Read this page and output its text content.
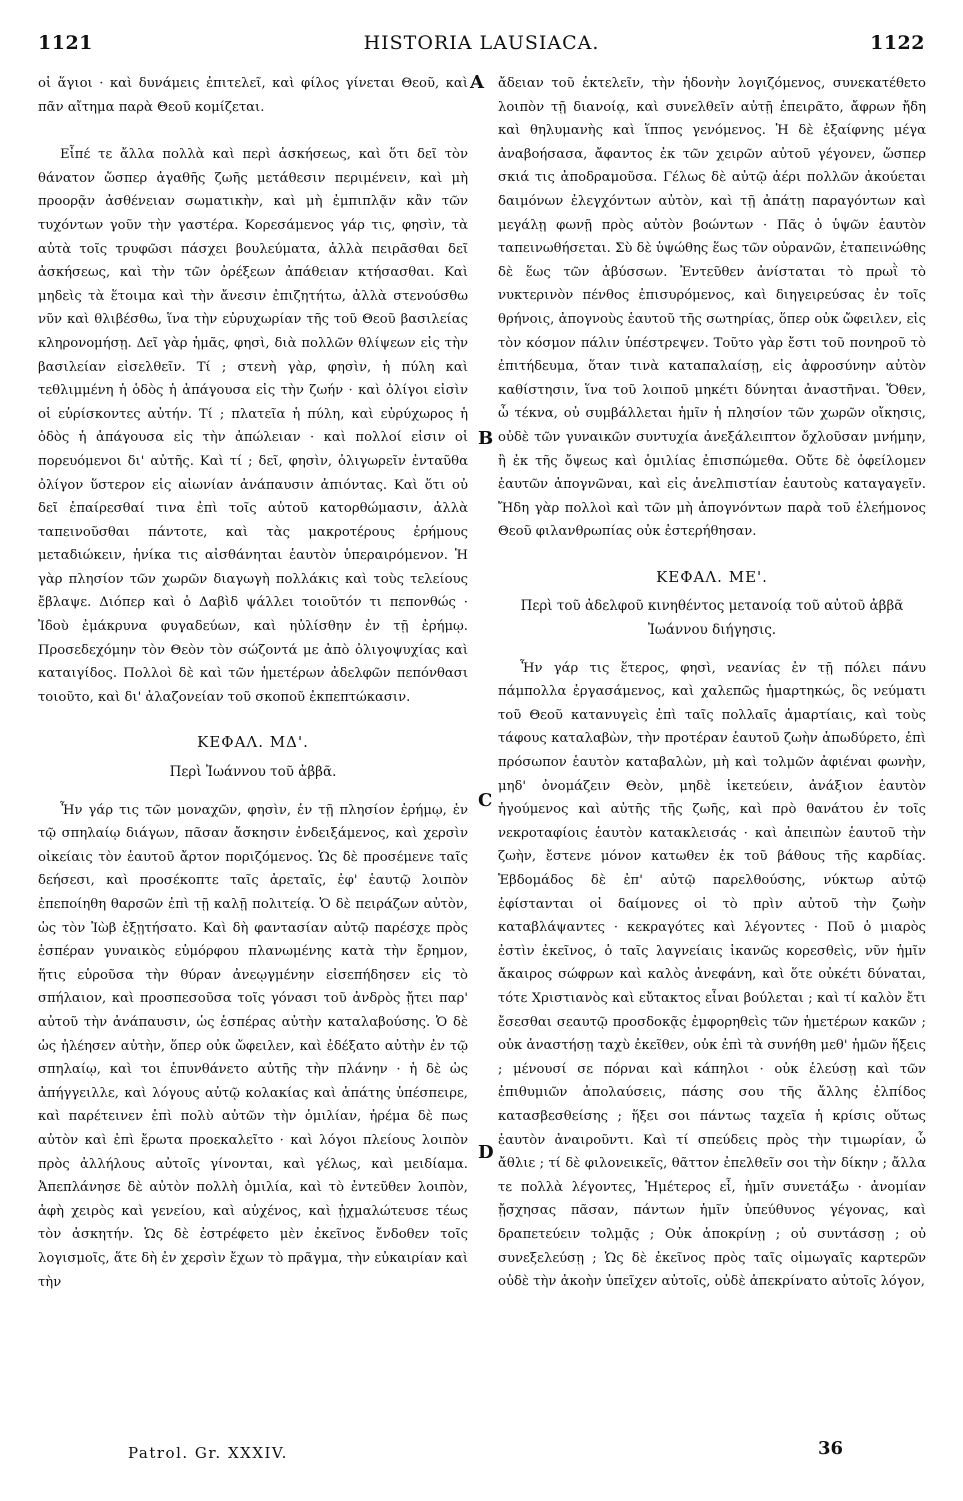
1121	HISTORIA LAUSIACA.	1122

οἱ ἅγιοι · καὶ δυνάμεις ἐπιτελεῖ, καὶ φίλος γίνεται Θεοῦ, καὶ πᾶν αἴτημα παρὰ Θεοῦ κομίζεται.

Εἶπέ τε ἄλλα πολλὰ καὶ περὶ ἀσκήσεως, καὶ ὅτι δεῖ τὸν θάνατον ὥσπερ ἀγαθῆς ζωῆς μετάθεσιν περιμένειν, καὶ μὴ προορᾷν ἀσθένειαν σωματικὴν, καὶ μὴ ἐμπιπλᾷν κἂν τῶν τυχόντων γοῦν τὴν γαστέρα. Κορεσάμενος γάρ τις, φησὶν, τὰ αὐτὰ τοῖς τρυφῶσι πάσχει βουλεύματα, ἀλλὰ πειρᾶσθαι δεῖ ἀσκήσεως, καὶ τὴν τῶν ὀρέξεων ἀπάθειαν κτήσασθαι. Καὶ μηδεὶς τὰ ἕτοιμα καὶ τὴν ἄνεσιν ἐπιζητήτω, ἀλλὰ στενούσθω νῦν καὶ θλιβέσθω, ἵνα τὴν εὐρυχωρίαν τῆς τοῦ Θεοῦ βασιλείας κληρονομήσῃ. Δεῖ γὰρ ἡμᾶς, φησὶ, διὰ πολλῶν θλίψεων εἰς τὴν βασιλείαν εἰσελθεῖν. Τί ; στενὴ γὰρ, φησὶν, ἡ πύλη καὶ τεθλιμμένη ἡ ὁδὸς ἡ ἀπάγουσα εἰς τὴν ζωήν · καὶ ὀλίγοι εἰσὶν οἱ εὑρίσκοντες αὐτήν. Τί ; πλατεῖα ἡ πύλη, καὶ εὐρύχωρος ἡ ὁδὸς ἡ ἀπάγουσα εἰς τὴν ἀπώλειαν · καὶ πολλοί εἰσιν οἱ πορευόμενοι δι' αὐτῆς. Καὶ τί ; δεῖ, φησὶν, ὀλιγωρεῖν ἐνταῦθα ὀλίγον ὕστερον εἰς αἰωνίαν ἀνάπαυσιν ἀπιόντας. Καὶ ὅτι οὐ δεῖ ἐπαίρεσθαί τινα ἐπὶ τοῖς αὐτοῦ κατορθώμασιν, ἀλλὰ ταπεινοῦσθαι πάντοτε, καὶ τὰς μακροτέρους ἐρήμους μεταδιώκειν, ἡνίκα τις αἰσθάνηται ἑαυτὸν ὑπεραιρόμενον. Ἡ γὰρ πλησίον τῶν χωρῶν διαγωγὴ πολλάκις καὶ τοὺς τελείους ἔβλαψε. Διόπερ καὶ ὁ Δαβὶδ ψάλλει τοιοῦτόν τι πεπονθώς · Ἰδοὺ ἐμάκρυνα φυγαδεύων, καὶ ηὐλίσθην ἐν τῇ ἐρήμῳ. Προσεδεχόμην τὸν Θεὸν τὸν σώζοντά με ἀπὸ ὀλιγοψυχίας καὶ καταιγίδος. Πολλοὶ δὲ καὶ τῶν ἡμετέρων ἀδελφῶν πεπόνθασι τοιοῦτο, καὶ δι' ἀλαζονείαν τοῦ σκοποῦ ἐκπεπτώκασιν.

ΚΕΦΑΛ. ΜΔ'.
Περὶ Ἰωάννου τοῦ ἀββᾶ.

Ἦν γάρ τις τῶν μοναχῶν, φησὶν, ἐν τῇ πλησίον ἐρήμῳ, ἐν τῷ σπηλαίῳ διάγων, πᾶσαν ἄσκησιν ἐνδειξάμενος, καὶ χερσὶν οἰκείαις τὸν ἑαυτοῦ ἄρτον ποριζόμενος. Ὡς δὲ προσέμενε ταῖς δεήσεσι, καὶ προσέκοπτε ταῖς ἀρεταῖς, ἐφ' ἑαυτῷ λοιπὸν ἐπεποίηθη θαρσῶν ἐπὶ τῇ καλῇ πολιτείᾳ. Ὁ δὲ πειράζων αὐτὸν, ὡς τὸν Ἰὼβ ἐξῃτήσατο. Καὶ δὴ φαντασίαν αὐτῷ παρέσχε πρὸς ἑσπέραν γυναικὸς εὐμόρφου πλανωμένης κατὰ τὴν ἔρημον, ἥτις εὑροῦσα τὴν θύραν ἀνεῳγμένην εἰσεπήδησεν εἰς τὸ σπήλαιον, καὶ προσπεσοῦσα τοῖς γόνασι τοῦ ἀνδρὸς ᾔτει παρ' αὐτοῦ τὴν ἀνάπαυσιν, ὡς ἑσπέρας αὐτὴν καταλαβούσης. Ὁ δὲ ὡς ἠλέησεν αὐτὴν, ὅπερ οὐκ ὤφειλεν, καὶ ἐδέξατο αὐτὴν ἐν τῷ σπηλαίῳ, καὶ τοι ἐπυνθάνετο αὐτῆς τὴν πλάνην · ἡ δὲ ὡς ἀπήγγειλλε, καὶ λόγους αὐτῷ κολακίας καὶ ἀπάτης ὑπέσπειρε, καὶ παρέτεινεν ἐπὶ πολὺ αὐτῶν τὴν ὁμιλίαν, ἠρέμα δὲ πως αὐτὸν καὶ ἐπὶ ἔρωτα προεκαλεῖτο · καὶ λόγοι πλείους λοιπὸν πρὸς ἀλλήλους αὐτοῖς γίνονται, καὶ γέλως, καὶ μειδίαμα. Ἀπεπλάνησε δὲ αὐτὸν πολλὴ ὁμιλία, καὶ τὸ ἐντεῦθεν λοιπὸν, ἁφὴ χειρὸς καὶ γενείου, καὶ αὐχένος, καὶ ᾐχμαλώτευσε τέως τὸν ἀσκητήν. Ὡς δὲ ἐστρέφετο μὲν ἐκεῖνος ἔνδοθεν τοῖς λογισμοῖς, ἅτε δὴ ἐν χερσὶν ἔχων τὸ πρᾶγμα, τὴν εὐκαιρίαν καὶ τὴν

ἄδειαν τοῦ ἐκτελεῖν, τὴν ἡδονὴν λογιζόμενος, συνεκατέθετο λοιπὸν τῇ διανοίᾳ, καὶ συνελθεῖν αὐτῇ ἐπειρᾶτο, ἄφρων ἤδη καὶ θηλυμανὴς καὶ ἵππος γενόμενος. Ἡ δὲ ἐξαίφνης μέγα ἀναβοήσασα, ἄφαντος ἐκ τῶν χειρῶν αὐτοῦ γέγονεν, ὥσπερ σκιά τις ἀποδραμοῦσα. Γέλως δὲ αὐτῷ ἀέρι πολλῶν ἀκούεται δαιμόνων ἐλεγχόντων αὐτὸν, καὶ τῇ ἀπάτῃ παραγόντων καὶ μεγάλῃ φωνῇ πρὸς αὐτὸν βοώντων · Πᾶς ὁ ὑψῶν ἑαυτὸν ταπεινωθήσεται. Σὺ δὲ ὑψώθης ἕως τῶν οὐρανῶν, ἐταπεινώθης δὲ ἕως τῶν ἀβύσσων. Ἐντεῦθεν ἀνίσταται τὸ πρωῒ τὸ νυκτερινὸν πένθος ἐπισυρόμενος, καὶ διηγειρεύσας ἐν τοῖς θρήνοις, ἀπογνοὺς ἑαυτοῦ τῆς σωτηρίας, ὅπερ οὐκ ὤφειλεν, εἰς τὸν κόσμον πάλιν ὑπέστρεψεν. Τοῦτο γὰρ ἔστι τοῦ πονηροῦ τὸ ἐπιτήδευμα, ὅταν τινὰ καταπαλαίσῃ, εἰς ἀφροσύνην αὐτὸν καθίστησιν, ἵνα τοῦ λοιποῦ μηκέτι δύνηται ἀναστῆναι. Ὅθεν, ὦ τέκνα, οὐ συμβάλλεται ἡμῖν ἡ πλησίον τῶν χωρῶν οἴκησις, οὐδὲ τῶν γυναικῶν συντυχία ἀνεξάλειπτον ὄχλοῦσαν μνήμην, ἢ ἐκ τῆς ὄψεως καὶ ὁμιλίας ἐπισπώμεθα. Οὔτε δὲ ὀφείλομεν ἑαυτῶν ἀπογνῶναι, καὶ εἰς ἀνελπιστίαν ἑαυτοὺς καταγαγεῖν. Ἤδη γὰρ πολλοὶ καὶ τῶν μὴ ἀπογνόντων παρὰ τοῦ ἐλεήμονος Θεοῦ φιλανθρωπίας οὐκ ἐστερήθησαν.

ΚΕΦΑΛ. ΜΕ'.
Περὶ τοῦ ἀδελφοῦ κινηθέντος μετανοίᾳ τοῦ αὐτοῦ ἀββᾶ Ἰωάννου διήγησις.

Ἦν γάρ τις ἕτερος, φησὶ, νεανίας ἐν τῇ πόλει πάνυ πάμπολλα ἐργασάμενος, καὶ χαλεπῶς ἡμαρτηκώς, ὃς νεύματι τοῦ Θεοῦ κατανυγεὶς ἐπὶ ταῖς πολλαῖς ἁμαρτίαις, καὶ τοὺς τάφους καταλαβὼν, τὴν προτέραν ἑαυτοῦ ζωὴν ἀπωδύρετο, ἐπὶ πρόσωπον ἑαυτὸν καταβαλὼν, μὴ καὶ τολμῶν ἀφιέναι φωνὴν, μηδ' ὀνομάζειν Θεὸν, μηδὲ ἱκετεύειν, ἀνάξιον ἑαυτὸν ἡγούμενος καὶ αὐτῆς τῆς ζωῆς, καὶ πρὸ θανάτου ἐν τοῖς νεκροταφίοις ἑαυτὸν κατακλεισάς · καὶ ἀπειπὼν ἑαυτοῦ τὴν ζωὴν, ἔστενε μόνον κατωθεν ἐκ τοῦ βάθους τῆς καρδίας. Ἑβδομάδος δὲ ἐπ' αὐτῷ παρελθούσης, νύκτωρ αὐτῷ ἐφίστανται οἱ δαίμονες οἱ τὸ πρὶν αὐτοῦ τὴν ζωὴν καταβλάψαντες · κεκραγότες καὶ λέγοντες · Ποῦ ὁ μιαρὸς ἐστὶν ἐκεῖνος, ὁ ταῖς λαγνείαις ἱκανῶς κορεσθεὶς, νῦν ἡμῖν ἄκαιρος σώφρων καὶ καλὸς ἀνεφάνη, καὶ ὅτε οὐκέτι δύναται, τότε Χριστιανὸς καὶ εὔτακτος εἶναι βούλεται ; καὶ τί καλὸν ἔτι ἔσεσθαι σεαυτῷ προσδοκᾷς ἐμφορηθεὶς τῶν ἡμετέρων κακῶν ; οὐκ ἀναστήσῃ ταχὺ ἐκεῖθεν, οὐκ ἐπὶ τὰ συνήθη μεθ' ἡμῶν ἥξεις ; μένουσί σε πόρναι καὶ κάπηλοι · οὐκ ἐλεύσῃ καὶ τῶν ἐπιθυμιῶν ἀπολαύσεις, πάσης σου τῆς ἄλλης ἐλπίδος κατασβεσθείσης ; ἥξει σοι πάντως ταχεῖα ἡ κρίσις οὕτως ἑαυτὸν ἀναιροῦντι. Καὶ τί σπεύδεις πρὸς τὴν τιμωρίαν, ὦ ἄθλιε ; τί δὲ φιλονεικεῖς, θᾶττον ἐπελθεῖν σοι τὴν δίκην ; ἄλλα τε πολλὰ λέγοντες, Ἡμέτερος εἶ, ἡμῖν συνετάξω · ἀνομίαν ᾔσχησας πᾶσαν, πάντων ἡμῖν ὑπεύθυνος γέγονας, καὶ δραπετεύειν τολμᾷς ; Οὐκ ἀποκρίνῃ ; οὐ συντάσσῃ ; οὐ συνεξελεύσῃ ; Ὡς δὲ ἐκεῖνος πρὸς ταῖς οἰμωγαῖς καρτερῶν οὐδὲ τὴν ἀκοὴν ὑπεῖχεν αὐτοῖς, οὐδὲ ἀπεκρίνατο αὐτοῖς λόγον,

A
B
C
D
Patrol. Gr. XXXIV.	36
